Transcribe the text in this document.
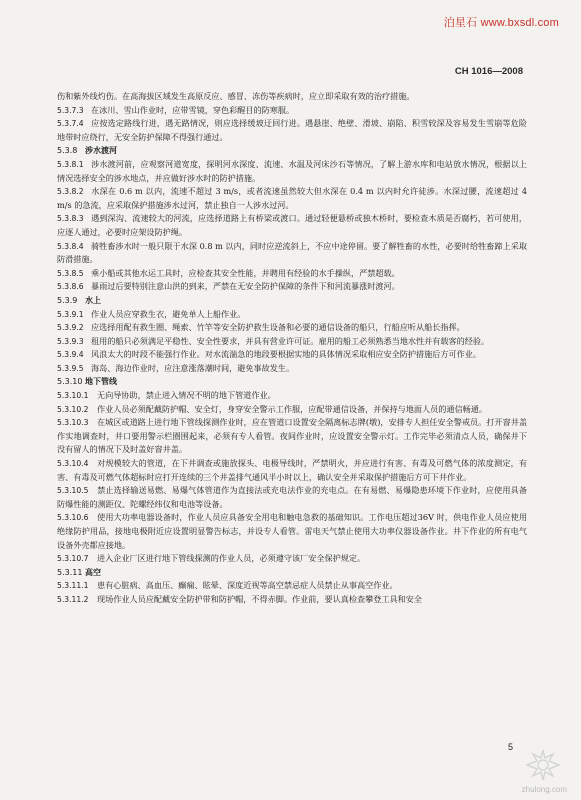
泊星石 www.bxsdl.com
CH 1016—2008
伤和紫外线灼伤。在高海拔区域发生高原反应、感冒、冻伤等疾病时，应立即采取有效的治疗措施。
5.3.7.3 在冰川、雪山作业时，应带雪镜，穿色彩醒目的防寒服。
5.3.7.4 应按选定路线行进，遇无路情况，则应选择缓坡迂回行进。遇悬崖、绝壁、滑坡、崩陷、积雪较深及容易发生雪崩等危险地带时应绕行，无安全防护保障不得强行通过。
5.3.8 涉水渡河
5.3.8.1 涉水渡河前，应观察河道宽度，探明河水深度、流速、水温及河床沙石等情况，了解上游水库和电站放水情况，根据以上情况选择安全的涉水地点，并应做好涉水时的防护措施。
5.3.8.2 水深在 0.6 m 以内，流速不超过 3 m/s，或者流速虽然较大但水深在 0.4 m 以内时允许徒涉。水深过腰，流速超过 4 m/s 的急流，应采取保护措施涉水过河，禁止独自一人涉水过河。
5.3.8.3 遇到深沟、流速较大的河流，应选择道路上有桥梁或渡口。通过轻便悬桥或独木桥时，要检查木质是否腐朽，若可使用，应逐人通过，必要时应架设防护绳。
5.3.8.4 骑牲畜涉水时一般只限于水深 0.8 m 以内，同时应逆流斜上，不应中途停留。要了解牲畜的水性，必要时给牲畜蹄上采取防滑措施。
5.3.8.5 乘小船或其他水运工具时，应检查其安全性能，并聘用有经验的水手操纵，严禁超载。
5.3.8.6 暴雨过后要特别注意山洪的到来，严禁在无安全防护保障的条件下和河流暴涨时渡河。
5.3.9 水上
5.3.9.1 作业人员应穿救生衣，避免单人上船作业。
5.3.9.2 应选择用配有救生圈、绳索、竹竿等安全防护救生设备和必要的通信设备的船只，行船应听从船长指挥。
5.3.9.3 租用的船只必须满足平稳性、安全性要求，并具有营业许可证。雇用的船工必须熟悉当地水性并有载客的经验。
5.3.9.4 风浪太大的时段不能强行作业。对水流湍急的地段要根据实地的具体情况采取相应安全防护措施后方可作业。
5.3.9.5 海岛、海边作业时，应注意涨落潮时间，避免事故发生。
5.3.10 地下管线
5.3.10.1 无向导协助，禁止进入情况不明的地下管道作业。
5.3.10.2 作业人员必须配戴防护帽、安全灯，身穿安全警示工作服，应配带通信设备，并保持与地面人员的通信畅通。
5.3.10.3 在城区或道路上进行地下管线探测作业时，应在管道口设置安全隔离标志牌(墩)，安排专人担任安全警戒员。打开窨井盖作实地调查时，井口要用警示栏圈围起来，必须有专人看管。夜间作业时，应设置安全警示灯。工作完毕必须清点人员，确保井下没有留人的情况下及时盖好窨井盖。
5.3.10.4 对规模较大的管道，在下井调查或施放探头、电极导线时，严禁明火，并应进行有害、有毒及可燃气体的浓度测定，有害、有毒及可燃气体超标时应打开连续的三个井盖排气通风半小时以上，确认安全并采取保护措施后方可下井作业。
5.3.10.5 禁止选择输送易燃、易爆气体管道作为直接法或充电法作业的充电点。在有易燃、易爆隐患环境下作业时，应使用具备防爆性能的测距仪、陀螺经纬仪和电池等设备。
5.3.10.6 使用大功率电器设备时，作业人员应具备安全用电和触电急救的基础知识。工作电压超过36V 时，供电作业人员应使用绝缘防护用品，接地电极附近应设置明显警告标志，并设专人看管。雷电天气禁止使用大功率仪器设备作业。井下作业的所有电气设备外壳都应接地。
5.3.10.7 进入企业厂区进行地下管线探测的作业人员，必须遵守该厂安全保护规定。
5.3.11 高空
5.3.11.1 患有心脏病、高血压、癫痫、眩晕、深度近视等高空禁忌症人员禁止从事高空作业。
5.3.11.2 现场作业人员应配戴安全防护带和防护帽，不得赤脚。作业前，要认真检查攀登工具和安全
5
zhulong.com
